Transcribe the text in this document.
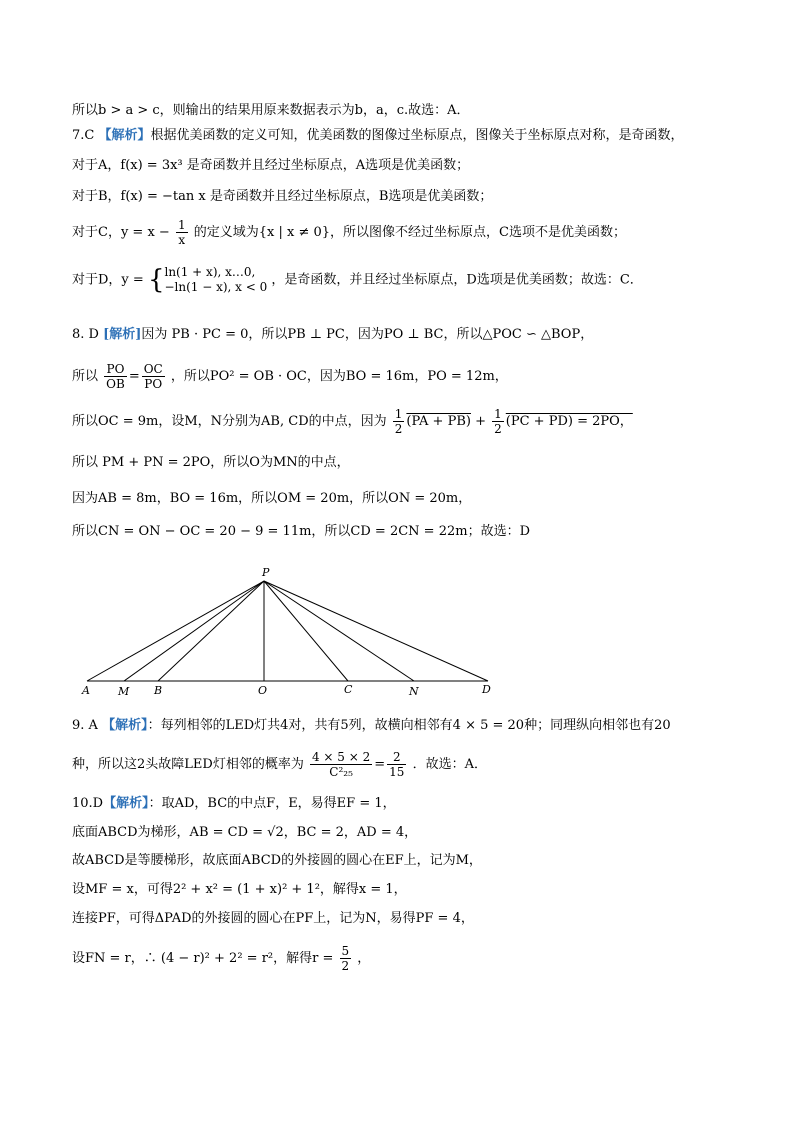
所以b > a > c，则输出的结果用原来数据表示为b，a，c.故选：A．
7.C 【解析】根据优美函数的定义可知，优美函数的图像过坐标原点，图像关于坐标原点对称，是奇函数，
对于A，f(x) = 3x³ 是奇函数并且经过坐标原点，A选项是优美函数；
对于B，f(x) = −tan x 是奇函数并且经过坐标原点，B选项是优美函数；
对于C，$y = x - \frac{1}{x}$ 的定义域为{x | x ≠ 0}，所以图像不经过坐标原点，C选项不是优美函数；
对于D，y = { ln(1 + x), x…0,
−ln(1 − x), x < 0 ，是奇函数，并且经过坐标原点，D选项是优美函数；故选：C．
8. D [解析]因为 PB · PC = 0，所以PB ⊥ PC，因为PO ⊥ BC，所以△POC ∽ △BOP，
所以 $\frac{PO}{OB} = \frac{OC}{PO}$ ，所以PO² = OB · OC，因为BO = 16m，PO = 12m，
所以OC = 9m，设M，N分别为AB, CD的中点，因为 $\frac{1}{2} (PA + PB) + \frac{1}{2} (PC + PD) = 2PO$，
所以 PM + PN = 2PO，所以O为MN的中点，
因为AB = 8m，BO = 16m，所以OM = 20m，所以ON = 20m，
所以CN = ON − OC = 20 − 9 = 11m，所以CD = 2CN = 22m；故选：D
P
A	M B	O	C	N	D
9. A 【解析】：每列相邻的LED灯共4对，共有5列，故横向相邻有4 × 5 = 20种；同理纵向相邻也有20
种，所以这2头故障LED灯相邻的概率为 $\frac{4 \times 5 \times 2}{\text{C²₂₅}} = \frac{2}{15}$ ．故选：A．
10.D【解析】：取AD，BC的中点F，E，易得EF = 1，
底面ABCD为梯形，AB = CD = √2，BC = 2，AD = 4，
故ABCD是等腰梯形，故底面ABCD的外接圆的圆心在EF上，记为M，
设MF = x，可得2² + x² = (1 + x)² + 1²，解得x = 1，
连接PF，可得ΔPAD的外接圆的圆心在PF上，记为N，易得PF = 4，
设FN = r，∴ (4 − r)² + 2² = r²，解得$r = \frac{5}{2}$ ，
